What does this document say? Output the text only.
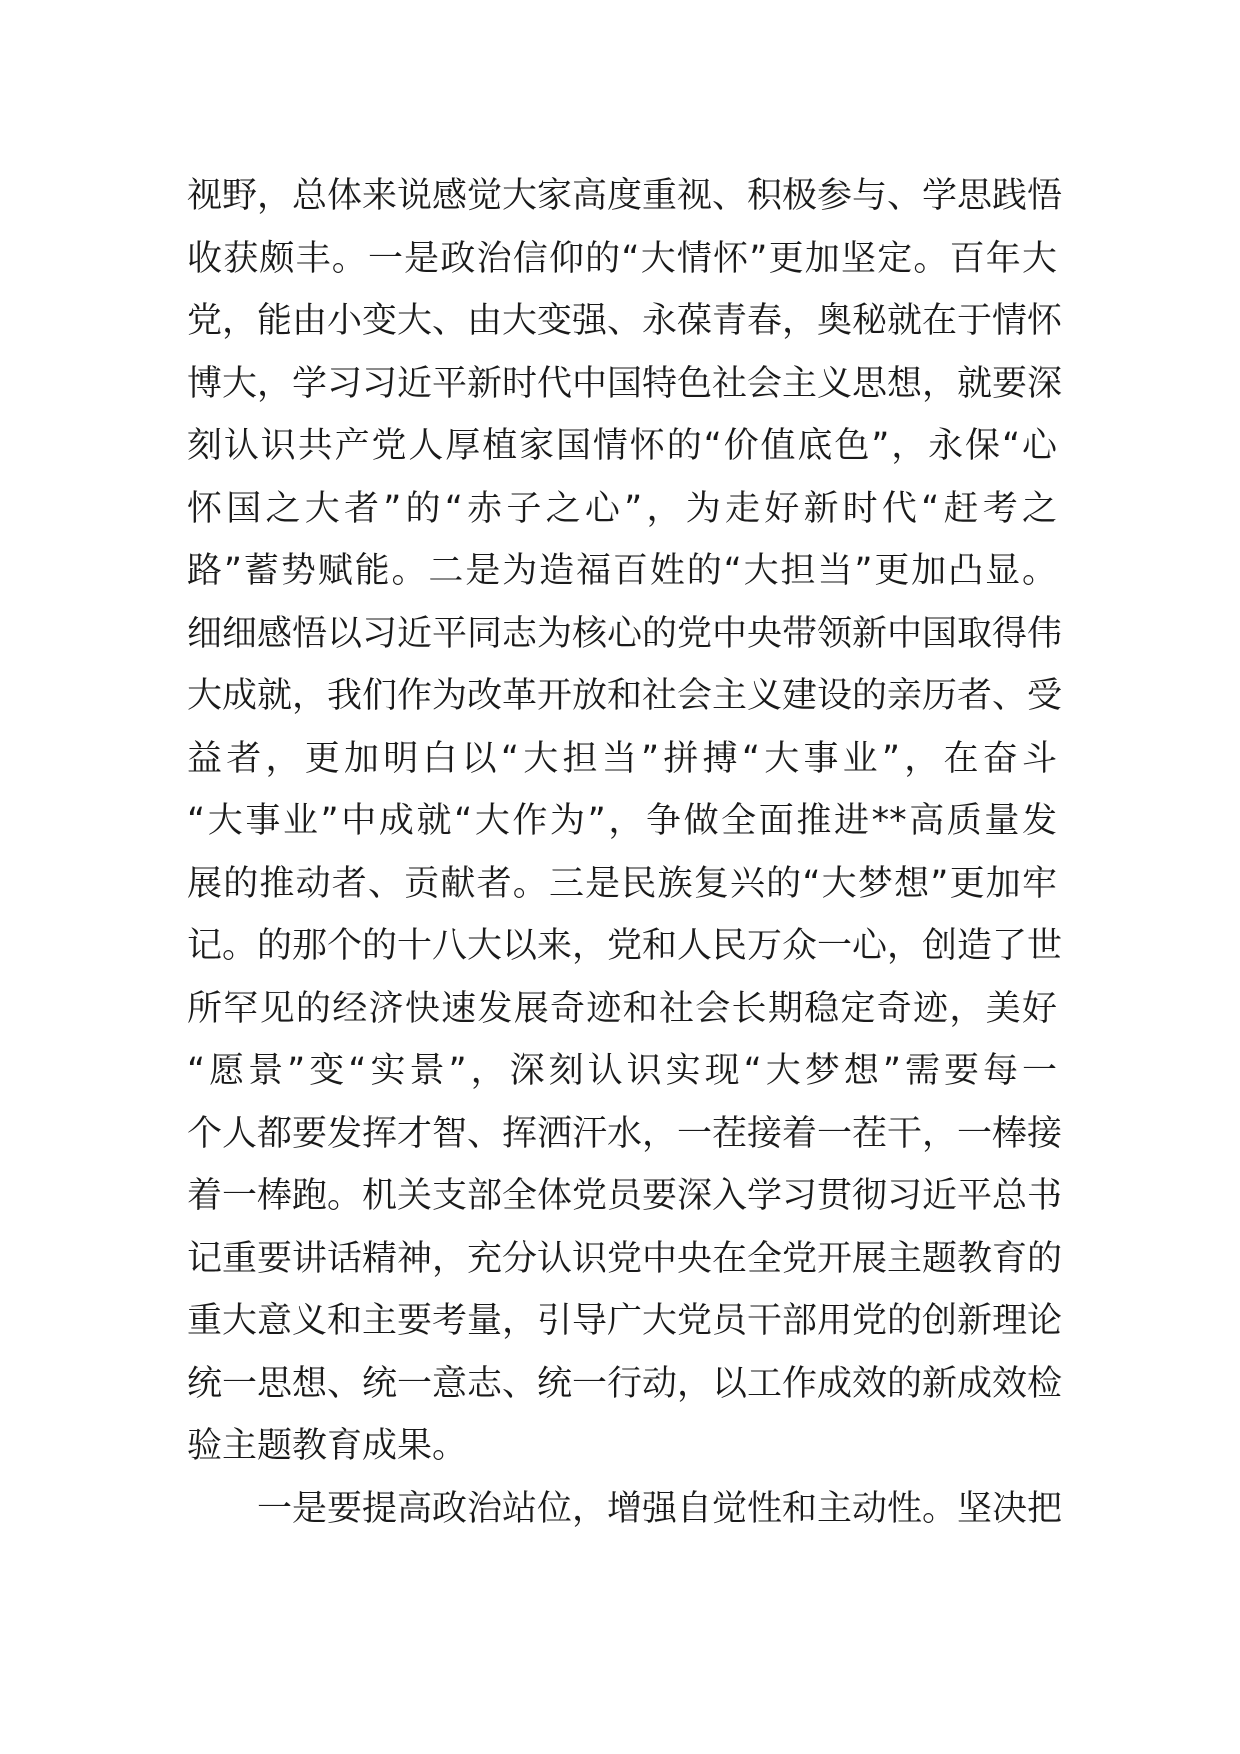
视野，总体来说感觉大家高度重视、积极参与、学思践悟
收获颇丰。一是政治信仰的“大情怀”更加坚定。百年大
党，能由小变大、由大变强、永葆青春，奥秘就在于情怀
博大，学习习近平新时代中国特色社会主义思想，就要深
刻认识共产党人厚植家国情怀的“价值底色”，永保“心
怀国之大者”的“赤子之心”，为走好新时代“赶考之
路”蓄势赋能。二是为造福百姓的“大担当”更加凸显。
细细感悟以习近平同志为核心的党中央带领新中国取得伟
大成就，我们作为改革开放和社会主义建设的亲历者、受
益者，更加明白以“大担当”拼搏“大事业”，在奋斗
“大事业”中成就“大作为”，争做全面推进**高质量发
展的推动者、贡献者。三是民族复兴的“大梦想”更加牢
记。的那个的十八大以来，党和人民万众一心，创造了世
所罕见的经济快速发展奇迹和社会长期稳定奇迹，美好
“愿景”变“实景”，深刻认识实现“大梦想”需要每一
个人都要发挥才智、挥洒汗水，一茬接着一茬干，一棒接
着一棒跑。机关支部全体党员要深入学习贯彻习近平总书
记重要讲话精神，充分认识党中央在全党开展主题教育的
重大意义和主要考量，引导广大党员干部用党的创新理论
统一思想、统一意志、统一行动，以工作成效的新成效检
验主题教育成果。
一是要提高政治站位，增强自觉性和主动性。坚决把
